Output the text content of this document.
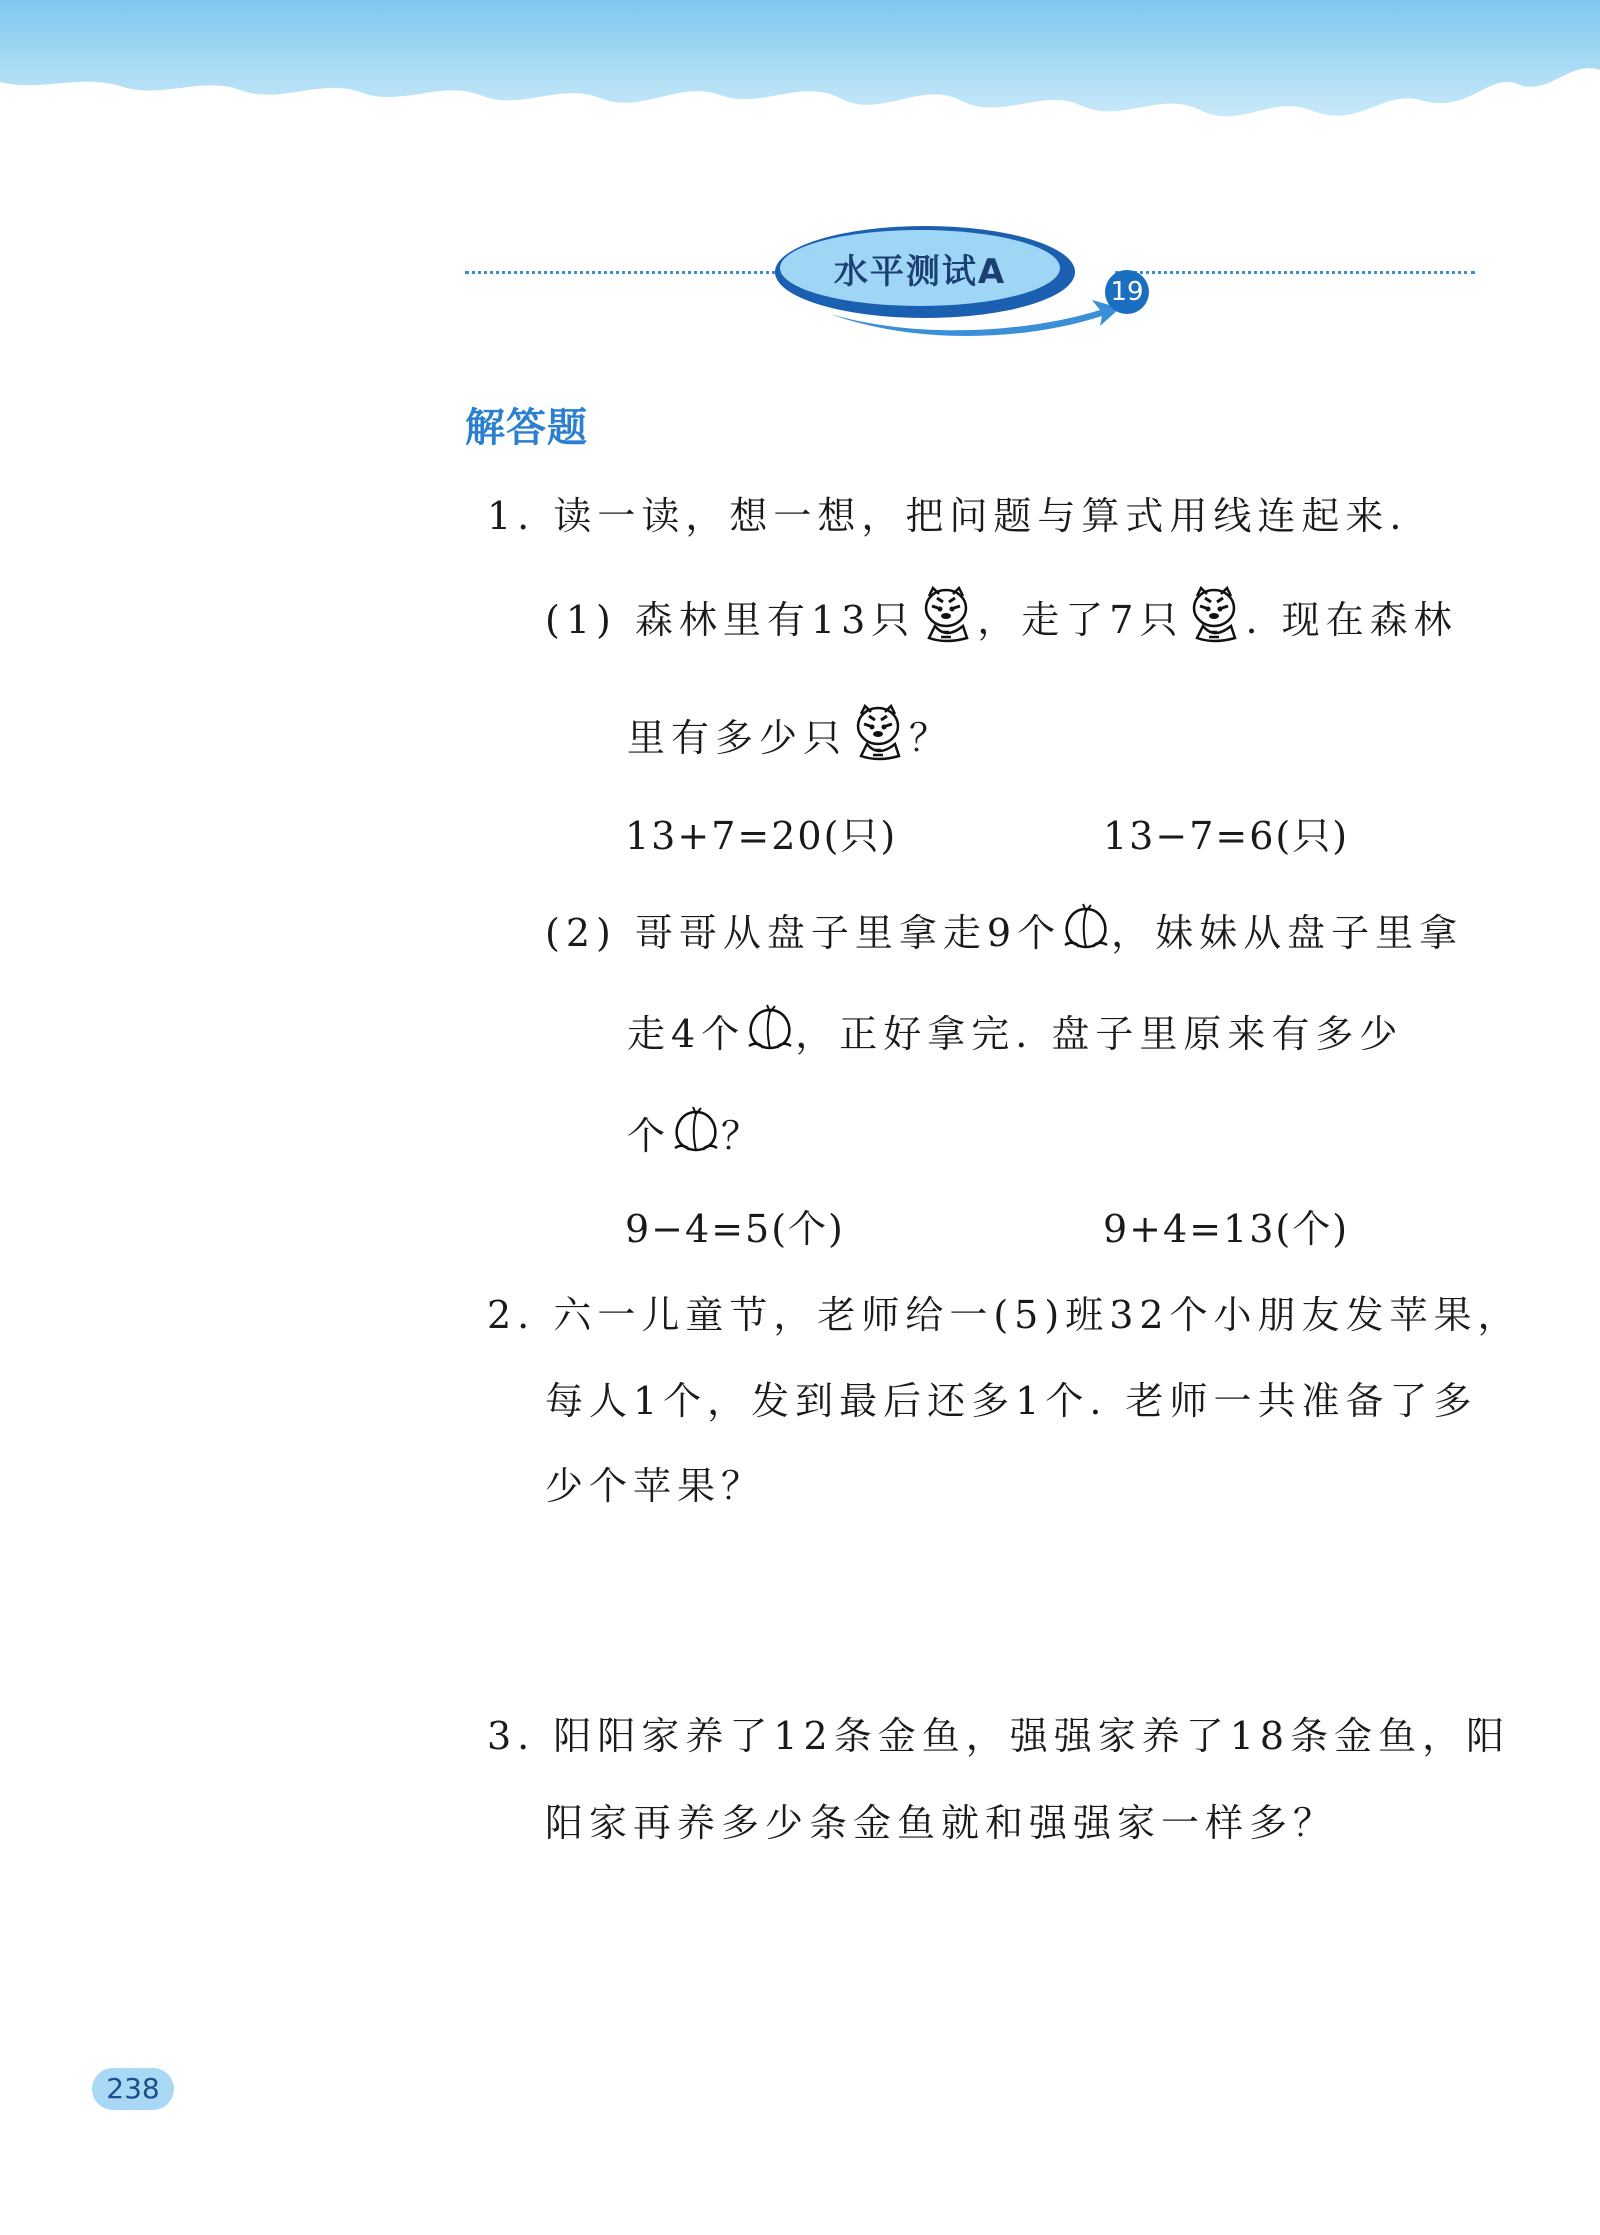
水平测试A	19
解答题
1. 读一读，想一想，把问题与算式用线连起来.
(1) 森林里有13只 ，走了7只 . 现在森林
里有多少只 ？
13+7=20(只)	13−7=6(只)
(2) 哥哥从盘子里拿走9个 ，妹妹从盘子里拿
走4个 ，正好拿完. 盘子里原来有多少
个 ？
9−4=5(个)	9+4=13(个)
2. 六一儿童节，老师给一(5)班32个小朋友发苹果，
每人1个，发到最后还多1个. 老师一共准备了多
少个苹果？
3. 阳阳家养了12条金鱼，强强家养了18条金鱼，阳
阳家再养多少条金鱼就和强强家一样多？
238
